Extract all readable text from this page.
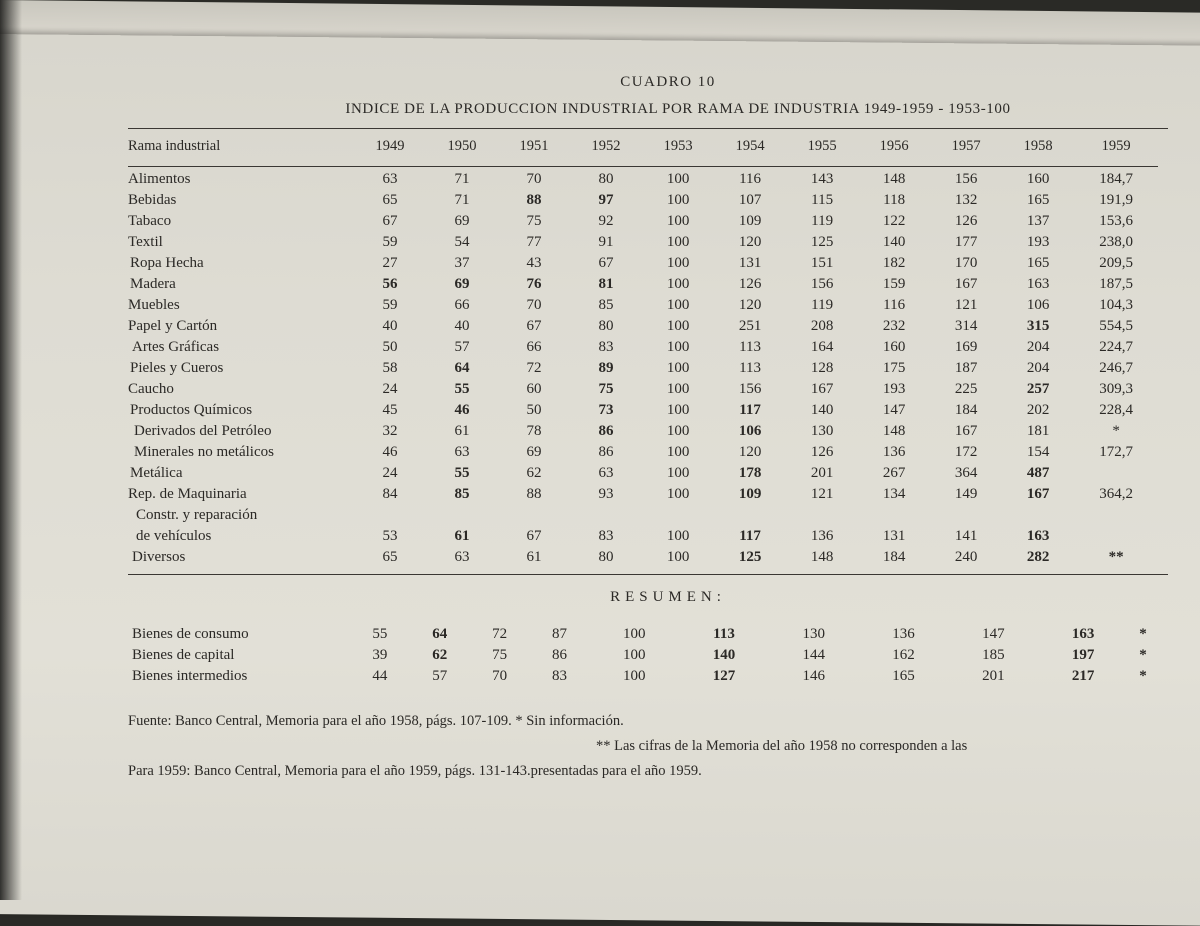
CUADRO 10
INDICE DE LA PRODUCCION INDUSTRIAL POR RAMA DE INDUSTRIA 1949-1959 - 1953-100
Rama industrial	1949	1950	1951	1952	1953	1954	1955	1956	1957	1958	1959

Alimentos	63	71	70	80	100	116	143	148	156	160	184,7
Bebidas	65	71	88	97	100	107	115	118	132	165	191,9
Tabaco	67	69	75	92	100	109	119	122	126	137	153,6
Textil	59	54	77	91	100	120	125	140	177	193	238,0
Ropa Hecha	27	37	43	67	100	131	151	182	170	165	209,5
Madera	56	69	76	81	100	126	156	159	167	163	187,5
Muebles	59	66	70	85	100	120	119	116	121	106	104,3
Papel y Cartón	40	40	67	80	100	251	208	232	314	315	554,5
Artes Gráficas	50	57	66	83	100	113	164	160	169	204	224,7
Pieles y Cueros	58	64	72	89	100	113	128	175	187	204	246,7
Caucho	24	55	60	75	100	156	167	193	225	257	309,3
Productos Químicos	45	46	50	73	100	117	140	147	184	202	228,4
Derivados del Petróleo	32	61	78	86	100	106	130	148	167	181	*
Minerales no metálicos	46	63	69	86	100	120	126	136	172	154	172,7
Metálica	24	55	62	63	100	178	201	267	364	487	
Rep. de Maquinaria	84	85	88	93	100	109	121	134	149	167	364,2
Constr. y reparación											
de vehículos	53	61	67	83	100	117	136	131	141	163	
Diversos	65	63	61	80	100	125	148	184	240	282	**
RESUMEN:
Bienes de consumo	55	64	72	87	100	113	130	136	147	163	*
Bienes de capital	39	62	75	86	100	140	144	162	185	197	*
Bienes intermedios	44	57	70	83	100	127	146	165	201	217	*
Fuente: Banco Central, Memoria para el año 1958, págs. 107-109. * Sin información.
** Las cifras de la Memoria del año 1958 no corresponden a las
Para 1959: Banco Central, Memoria para el año 1959, págs. 131-143.presentadas para el año 1959.
